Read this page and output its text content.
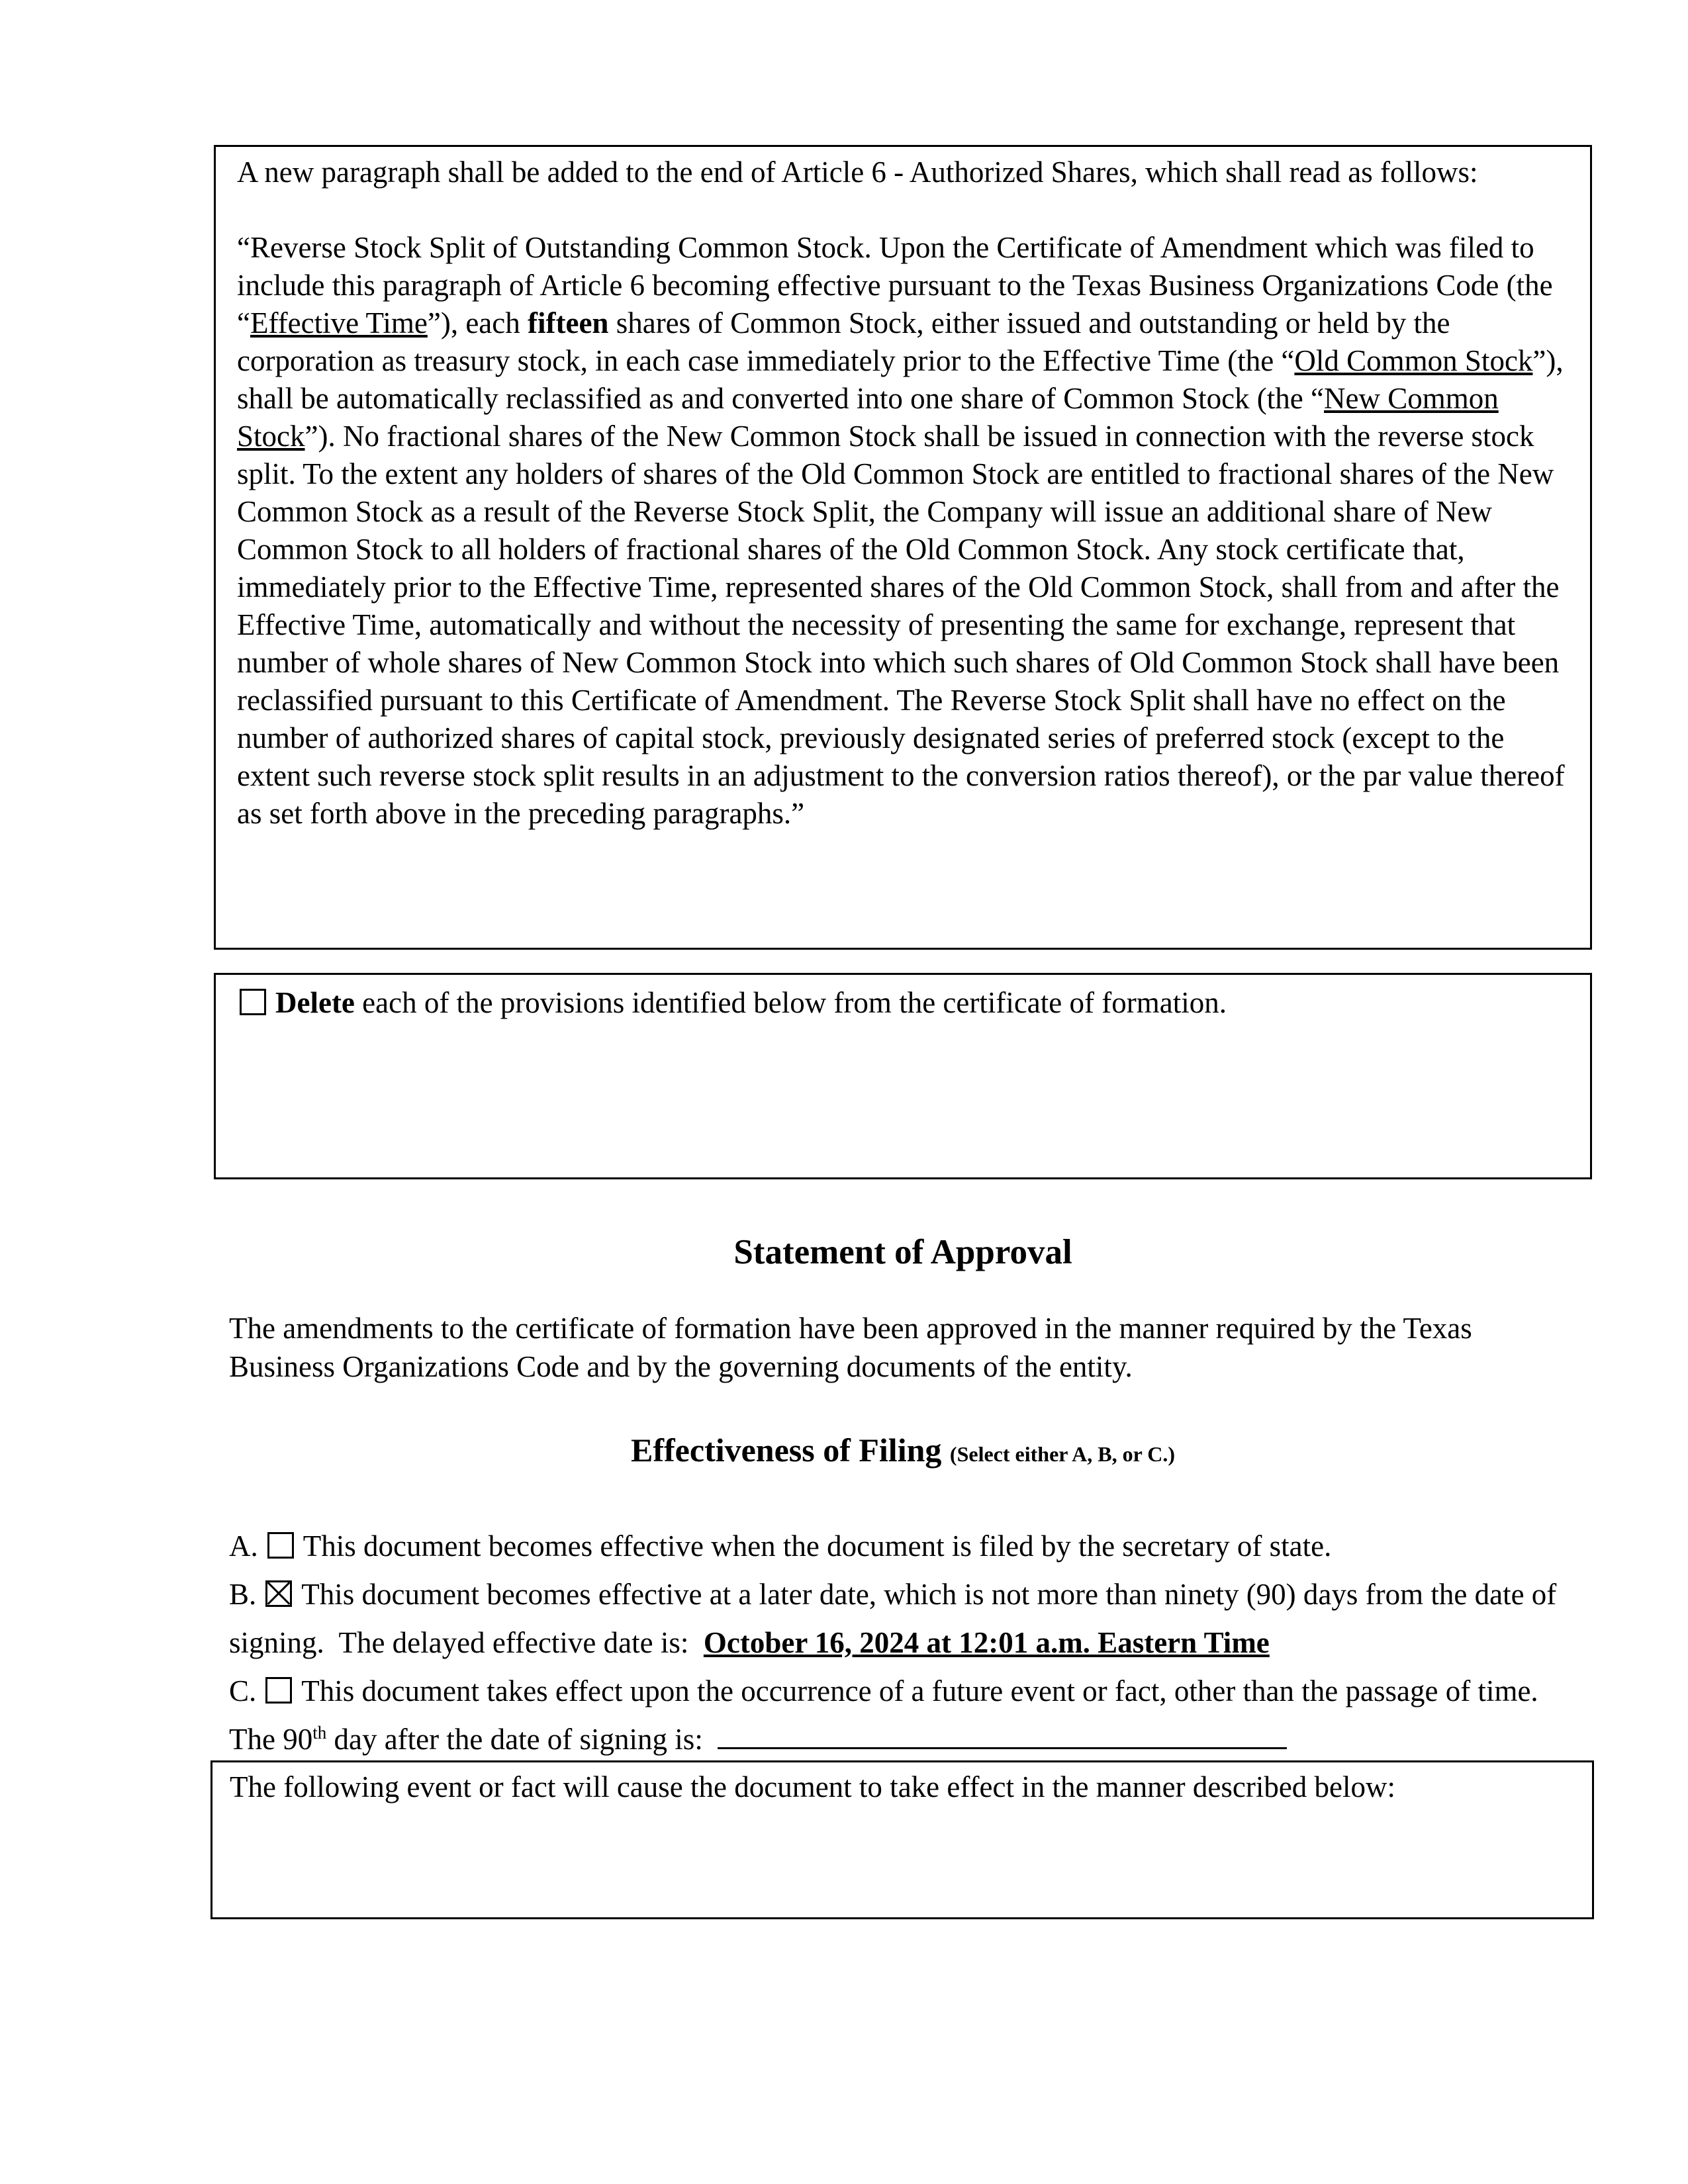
A new paragraph shall be added to the end of Article 6 - Authorized Shares, which shall read as follows:

“Reverse Stock Split of Outstanding Common Stock. Upon the Certificate of Amendment which was filed to include this paragraph of Article 6 becoming effective pursuant to the Texas Business Organizations Code (the “Effective Time”), each fifteen shares of Common Stock, either issued and outstanding or held by the corporation as treasury stock, in each case immediately prior to the Effective Time (the “Old Common Stock”), shall be automatically reclassified as and converted into one share of Common Stock (the “New Common Stock”). No fractional shares of the New Common Stock shall be issued in connection with the reverse stock split. To the extent any holders of shares of the Old Common Stock are entitled to fractional shares of the New Common Stock as a result of the Reverse Stock Split, the Company will issue an additional share of New Common Stock to all holders of fractional shares of the Old Common Stock. Any stock certificate that, immediately prior to the Effective Time, represented shares of the Old Common Stock, shall from and after the Effective Time, automatically and without the necessity of presenting the same for exchange, represent that number of whole shares of New Common Stock into which such shares of Old Common Stock shall have been reclassified pursuant to this Certificate of Amendment. The Reverse Stock Split shall have no effect on the number of authorized shares of capital stock, previously designated series of preferred stock (except to the extent such reverse stock split results in an adjustment to the conversion ratios thereof), or the par value thereof as set forth above in the preceding paragraphs.”

Delete each of the provisions identified below from the certificate of formation.

Statement of Approval

The amendments to the certificate of formation have been approved in the manner required by the Texas Business Organizations Code and by the governing documents of the entity.

Effectiveness of Filing (Select either A, B, or C.)

A. This document becomes effective when the document is filed by the secretary of state.

B. This document becomes effective at a later date, which is not more than ninety (90) days from the date of signing.  The delayed effective date is:  October 16, 2024 at 12:01 a.m. Eastern Time

C. This document takes effect upon the occurrence of a future event or fact, other than the passage of time.  The 90th day after the date of signing is:

The following event or fact will cause the document to take effect in the manner described below:
